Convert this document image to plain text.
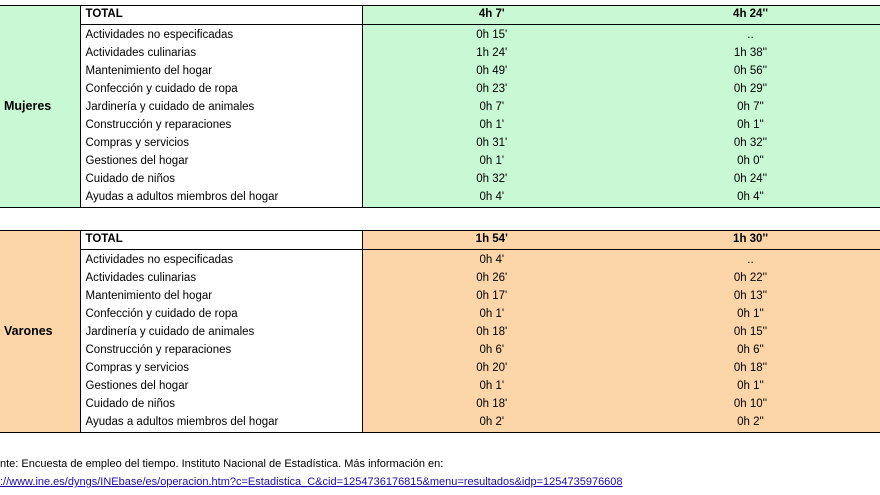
Mujeres	TOTAL	4h 7'	4h 24''

	Actividades no especificadas	0h 15'	..
	Actividades culinarias	1h 24'	1h 38''
	Mantenimiento del hogar	0h 49'	0h 56''
	Confección y cuidado de ropa	0h 23'	0h 29''
	Jardinería y cuidado de animales	0h 7'	0h 7''
	Construcción y reparaciones	0h 1'	0h 1''
	Compras y servicios	0h 31'	0h 32''
	Gestiones del hogar	0h 1'	0h 0''
	Cuidado de niños	0h 32'	0h 24''
	Ayudas a adultos miembros del hogar	0h 4'	0h 4''
Varones	TOTAL	1h 54'	1h 30''

	Actividades no especificadas	0h 4'	..
	Actividades culinarias	0h 26'	0h 22''
	Mantenimiento del hogar	0h 17'	0h 13''
	Confección y cuidado de ropa	0h 1'	0h 1''
	Jardinería y cuidado de animales	0h 18'	0h 15''
	Construcción y reparaciones	0h 6'	0h 6''
	Compras y servicios	0h 20'	0h 18''
	Gestiones del hogar	0h 1'	0h 1''
	Cuidado de niños	0h 18'	0h 10''
	Ayudas a adultos miembros del hogar	0h 2'	0h 2''
nte: Encuesta de empleo del tiempo. Instituto Nacional de Estadística. Más información en:
://www.ine.es/dyngs/INEbase/es/operacion.htm?c=Estadistica_C&cid=1254736176815&menu=resultados&idp=1254735976608
